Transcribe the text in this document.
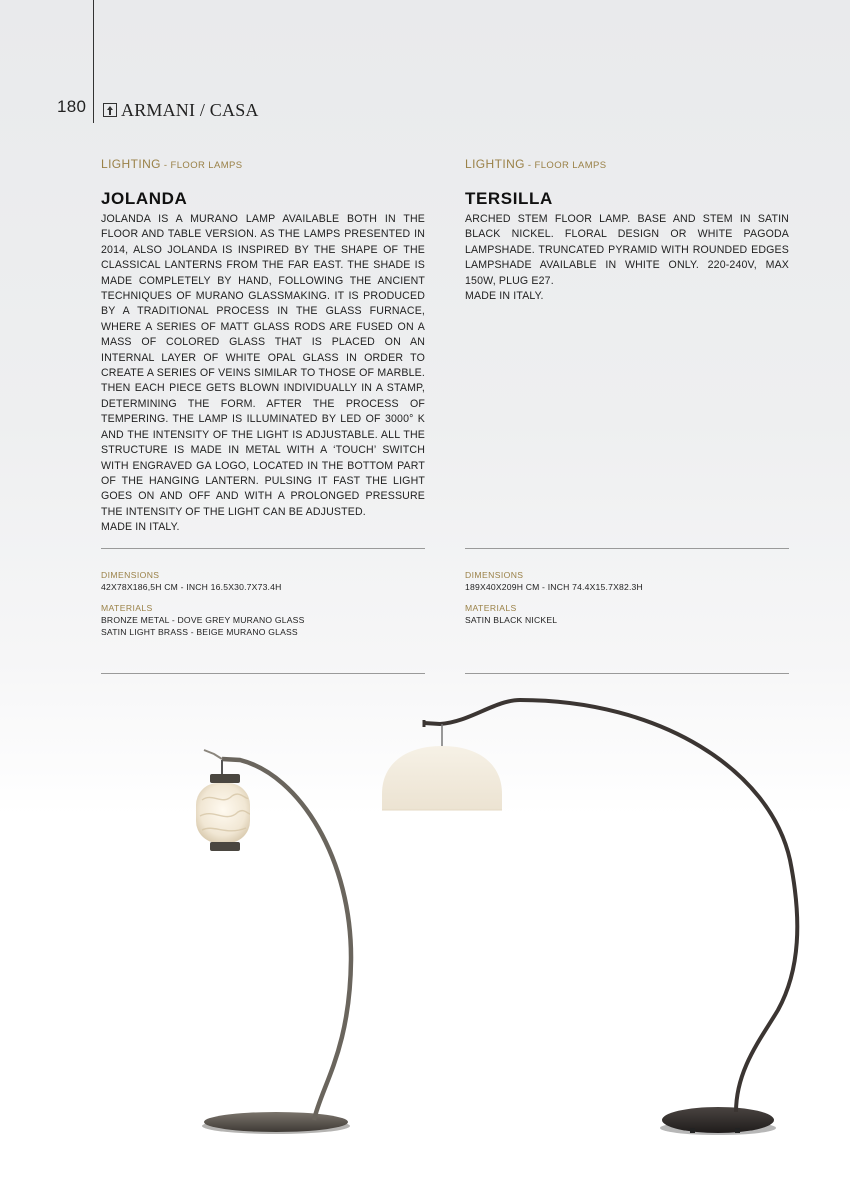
180 ARMANI / CASA
LIGHTING - FLOOR LAMPS
JOLANDA
JOLANDA IS A MURANO LAMP AVAILABLE BOTH IN THE FLOOR AND TABLE VERSION. AS THE LAMPS PRESENTED IN 2014, ALSO JOLANDA IS INSPIRED BY THE SHAPE OF THE CLASSICAL LANTERNS FROM THE FAR EAST. THE SHADE IS MADE COMPLETELY BY HAND, FOLLOWING THE ANCIENT TECHNIQUES OF MURANO GLASSMAKING. IT IS PRODUCED BY A TRADITIONAL PROCESS IN THE GLASS FURNACE, WHERE A SERIES OF MATT GLASS RODS ARE FUSED ON A MASS OF COLORED GLASS THAT IS PLACED ON AN INTERNAL LAYER OF WHITE OPAL GLASS IN ORDER TO CREATE A SERIES OF VEINS SIMILAR TO THOSE OF MARBLE. THEN EACH PIECE GETS BLOWN INDIVIDUALLY IN A STAMP, DETERMINING THE FORM. AFTER THE PROCESS OF TEMPERING. THE LAMP IS ILLUMINATED BY LED OF 3000° K AND THE INTENSITY OF THE LIGHT IS ADJUSTABLE. ALL THE STRUCTURE IS MADE IN METAL WITH A ‘TOUCH’ SWITCH WITH ENGRAVED GA LOGO, LOCATED IN THE BOTTOM PART OF THE HANGING LANTERN. PULSING IT FAST THE LIGHT GOES ON AND OFF AND WITH A PROLONGED PRESSURE THE INTENSITY OF THE LIGHT CAN BE ADJUSTED.
MADE IN ITALY.
DIMENSIONS
42X78X186,5H CM - INCH 16.5X30.7X73.4H
MATERIALS
BRONZE METAL - DOVE GREY MURANO GLASS
SATIN LIGHT BRASS - BEIGE MURANO GLASS
LIGHTING - FLOOR LAMPS
TERSILLA
ARCHED STEM FLOOR LAMP. BASE AND STEM IN SATIN BLACK NICKEL. FLORAL DESIGN OR WHITE PAGODA LAMPSHADE. TRUNCATED PYRAMID WITH ROUNDED EDGES LAMPSHADE AVAILABLE IN WHITE ONLY. 220-240V, MAX 150W, PLUG E27.
MADE IN ITALY.
DIMENSIONS
189X40X209H CM - INCH 74.4X15.7X82.3H
MATERIALS
SATIN BLACK NICKEL
